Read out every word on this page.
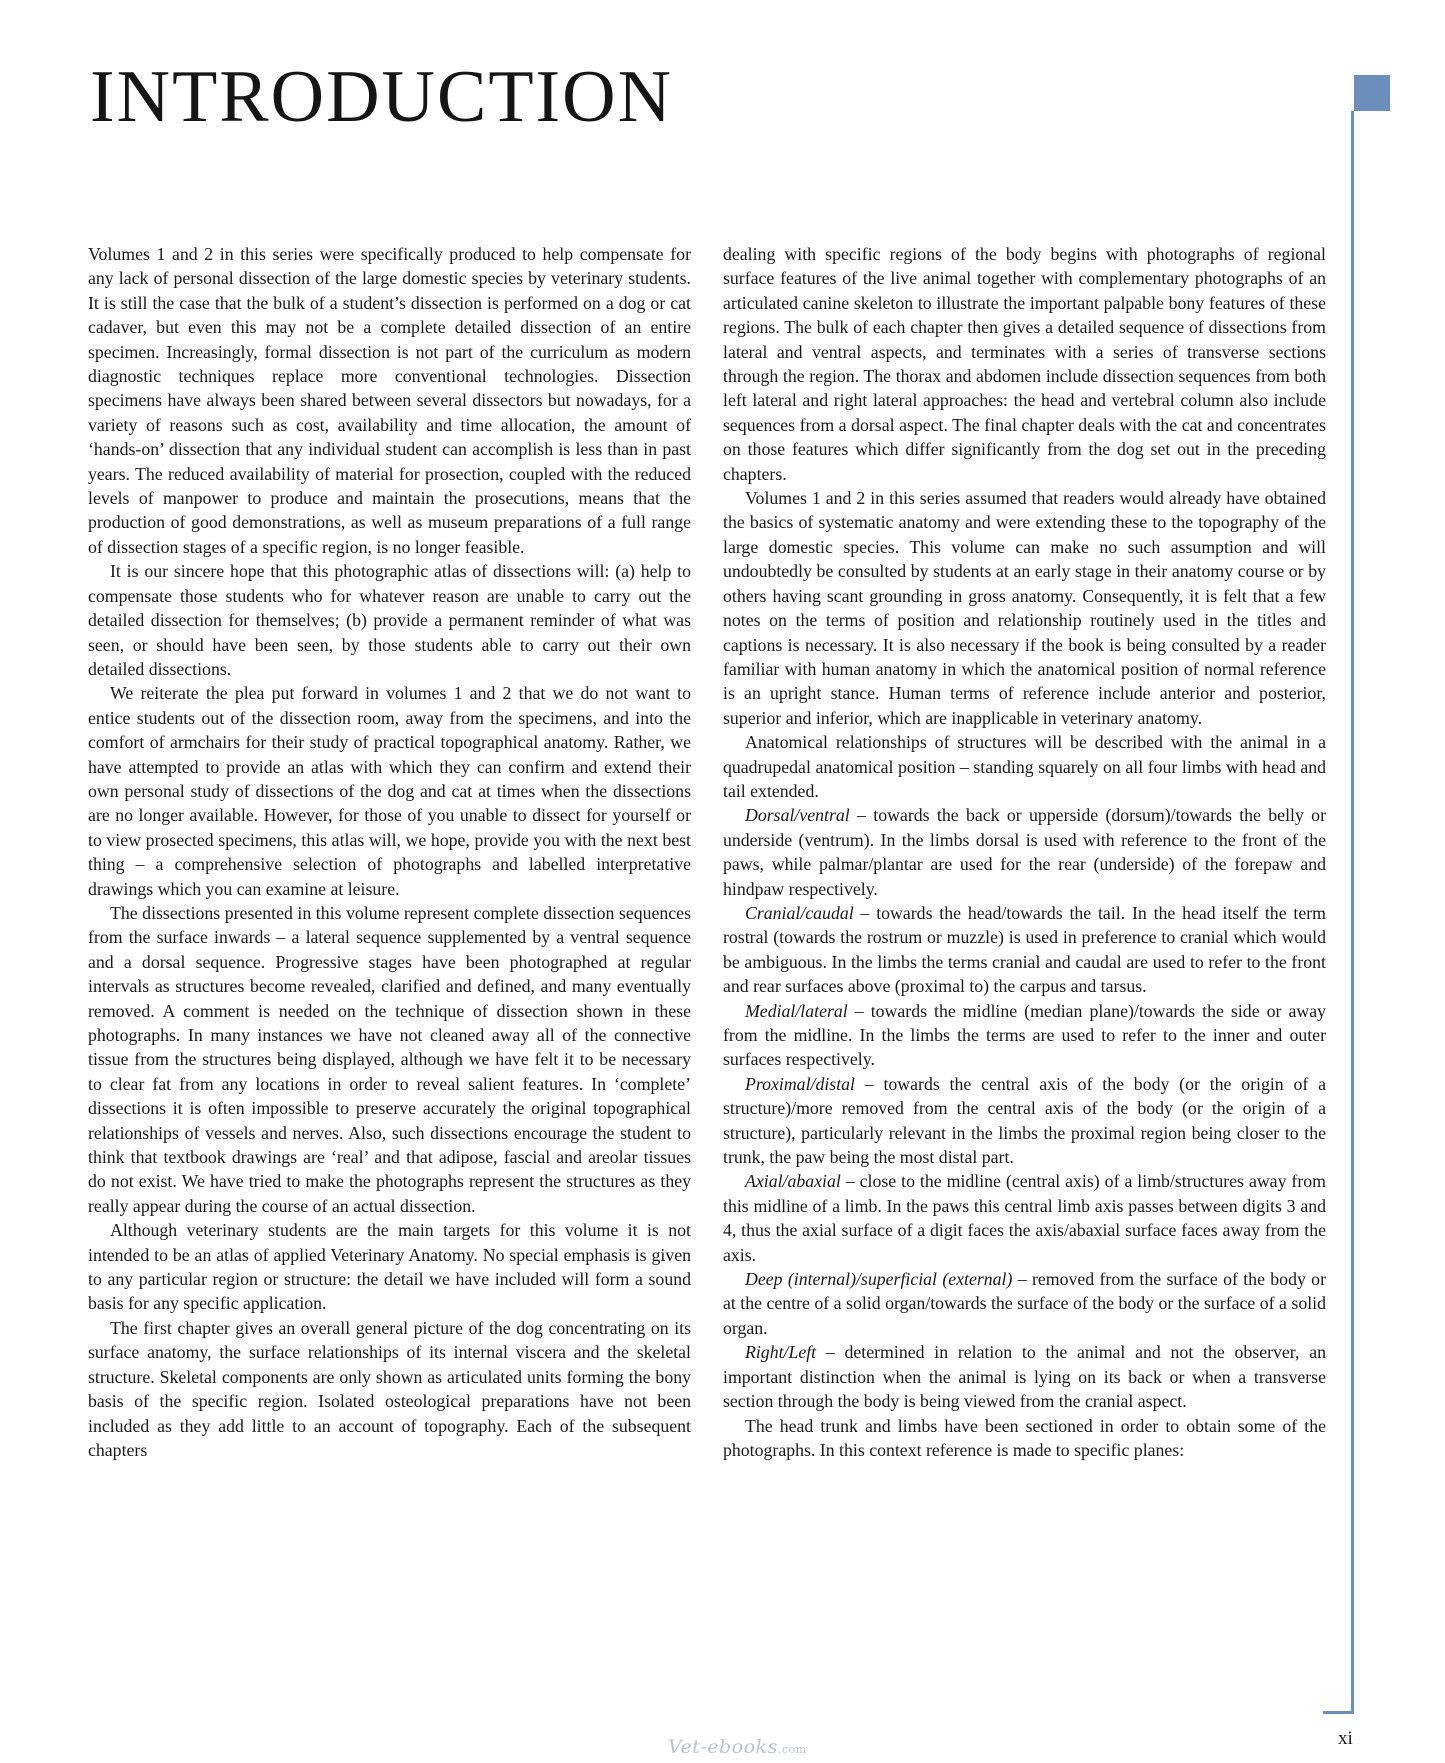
INTRODUCTION

Volumes 1 and 2 in this series were specifically produced to help compensate for any lack of personal dissection of the large domestic species by veterinary students. It is still the case that the bulk of a student’s dissection is performed on a dog or cat cadaver, but even this may not be a complete detailed dissection of an entire specimen. Increasingly, formal dissection is not part of the curriculum as modern diagnostic techniques replace more conventional technologies. Dissection specimens have always been shared between several dissectors but nowadays, for a variety of reasons such as cost, availability and time allocation, the amount of ‘hands-on’ dissection that any individual student can accomplish is less than in past years. The reduced availability of material for prosection, coupled with the reduced levels of manpower to produce and maintain the prosecutions, means that the production of good demonstrations, as well as museum preparations of a full range of dissection stages of a specific region, is no longer feasible.

It is our sincere hope that this photographic atlas of dissections will: (a) help to compensate those students who for whatever reason are unable to carry out the detailed dissection for themselves; (b) provide a permanent reminder of what was seen, or should have been seen, by those students able to carry out their own detailed dissections.

We reiterate the plea put forward in volumes 1 and 2 that we do not want to entice students out of the dissection room, away from the specimens, and into the comfort of armchairs for their study of practical topographical anatomy. Rather, we have attempted to provide an atlas with which they can confirm and extend their own personal study of dissections of the dog and cat at times when the dissections are no longer available. However, for those of you unable to dissect for yourself or to view prosected specimens, this atlas will, we hope, provide you with the next best thing – a comprehensive selection of photographs and labelled interpretative drawings which you can examine at leisure.

The dissections presented in this volume represent complete dissection sequences from the surface inwards – a lateral sequence supplemented by a ventral sequence and a dorsal sequence. Progressive stages have been photographed at regular intervals as structures become revealed, clarified and defined, and many eventually removed. A comment is needed on the technique of dissection shown in these photographs. In many instances we have not cleaned away all of the connective tissue from the structures being displayed, although we have felt it to be necessary to clear fat from any locations in order to reveal salient features. In ‘complete’ dissections it is often impossible to preserve accurately the original topographical relationships of vessels and nerves. Also, such dissections encourage the student to think that textbook drawings are ‘real’ and that adipose, fascial and areolar tissues do not exist. We have tried to make the photographs represent the structures as they really appear during the course of an actual dissection.

Although veterinary students are the main targets for this volume it is not intended to be an atlas of applied Veterinary Anatomy. No special emphasis is given to any particular region or structure: the detail we have included will form a sound basis for any specific application.

The first chapter gives an overall general picture of the dog concentrating on its surface anatomy, the surface relationships of its internal viscera and the skeletal structure. Skeletal components are only shown as articulated units forming the bony basis of the specific region. Isolated osteological preparations have not been included as they add little to an account of topography. Each of the subsequent chapters

dealing with specific regions of the body begins with photographs of regional surface features of the live animal together with complementary photographs of an articulated canine skeleton to illustrate the important palpable bony features of these regions. The bulk of each chapter then gives a detailed sequence of dissections from lateral and ventral aspects, and terminates with a series of transverse sections through the region. The thorax and abdomen include dissection sequences from both left lateral and right lateral approaches: the head and vertebral column also include sequences from a dorsal aspect. The final chapter deals with the cat and concentrates on those features which differ significantly from the dog set out in the preceding chapters.

Volumes 1 and 2 in this series assumed that readers would already have obtained the basics of systematic anatomy and were extending these to the topography of the large domestic species. This volume can make no such assumption and will undoubtedly be consulted by students at an early stage in their anatomy course or by others having scant grounding in gross anatomy. Consequently, it is felt that a few notes on the terms of position and relationship routinely used in the titles and captions is necessary. It is also necessary if the book is being consulted by a reader familiar with human anatomy in which the anatomical position of normal reference is an upright stance. Human terms of reference include anterior and posterior, superior and inferior, which are inapplicable in veterinary anatomy.

Anatomical relationships of structures will be described with the animal in a quadrupedal anatomical position – standing squarely on all four limbs with head and tail extended.

Dorsal/ventral – towards the back or upperside (dorsum)/towards the belly or underside (ventrum). In the limbs dorsal is used with reference to the front of the paws, while palmar/plantar are used for the rear (underside) of the forepaw and hindpaw respectively.

Cranial/caudal – towards the head/towards the tail. In the head itself the term rostral (towards the rostrum or muzzle) is used in preference to cranial which would be ambiguous. In the limbs the terms cranial and caudal are used to refer to the front and rear surfaces above (proximal to) the carpus and tarsus.

Medial/lateral – towards the midline (median plane)/towards the side or away from the midline. In the limbs the terms are used to refer to the inner and outer surfaces respectively.

Proximal/distal – towards the central axis of the body (or the origin of a structure)/more removed from the central axis of the body (or the origin of a structure), particularly relevant in the limbs the proximal region being closer to the trunk, the paw being the most distal part.

Axial/abaxial – close to the midline (central axis) of a limb/structures away from this midline of a limb. In the paws this central limb axis passes between digits 3 and 4, thus the axial surface of a digit faces the axis/abaxial surface faces away from the axis.

Deep (internal)/superficial (external) – removed from the surface of the body or at the centre of a solid organ/towards the surface of the body or the surface of a solid organ.

Right/Left – determined in relation to the animal and not the observer, an important distinction when the animal is lying on its back or when a transverse section through the body is being viewed from the cranial aspect.

The head trunk and limbs have been sectioned in order to obtain some of the photographs. In this context reference is made to specific planes:

Vet-ebooks.com
xi
